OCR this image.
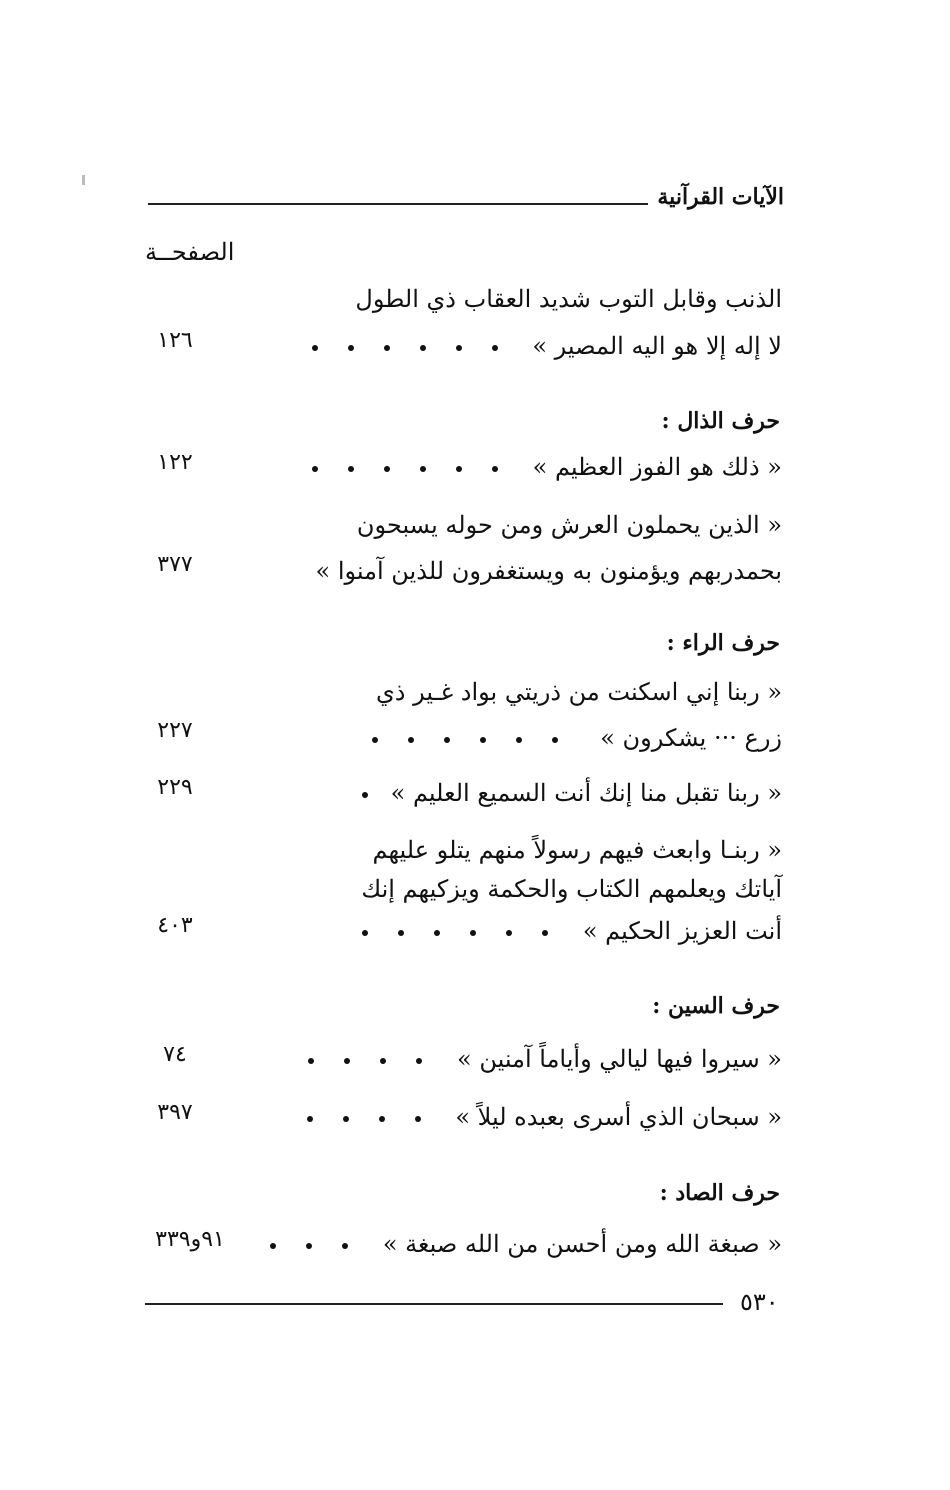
الآيات القرآنية
الصفحــة
الذنب وقابل التوب شديد العقاب ذي الطول
لا إله إلا هو اليه المصير »
١٢٦
حرف الذال :
« ذلك هو الفوز العظيم »
١٢٢
« الذين يحملون العرش ومن حوله يسبحون
بحمدربهم ويؤمنون به ويستغفرون للذين آمنوا »
٣٧٧
حرف الراء :
« ربنا إني اسكنت من ذريتي بواد غـير ذي
زرع ··· يشكرون »
٢٢٧
« ربنا تقبل منا إنك أنت السميع العليم »
٢٢٩
« ربنـا وابعث فيهم رسولاً منهم يتلو عليهم
آياتك ويعلمهم الكتاب والحكمة ويزكيهم إنك
أنت العزيز الحكيم »
٤٠٣
حرف السين :
« سيروا فيها ليالي وأياماً آمنين »
٧٤
« سبحان الذي أسرى بعبده ليلاً »
٣٩٧
حرف الصاد :
« صبغة الله ومن أحسن من الله صبغة »
٩١و٣٣٩
٥٣٠
